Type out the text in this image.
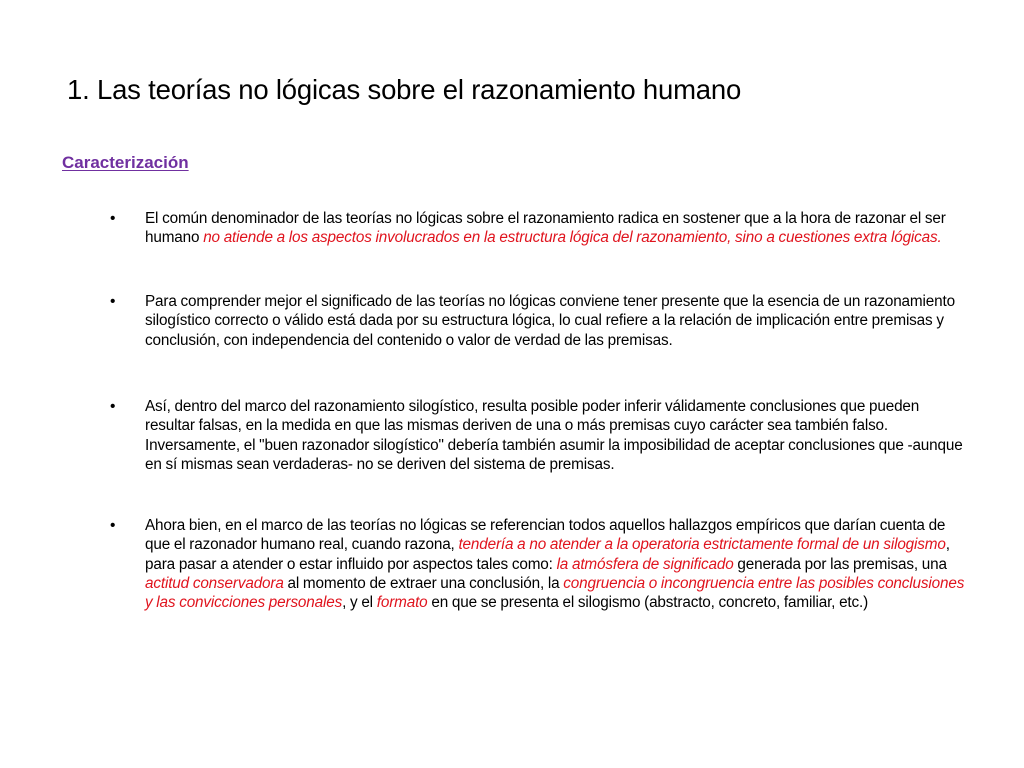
1. Las teorías no lógicas sobre el razonamiento humano
Caracterización
• El común denominador de las teorías no lógicas sobre el razonamiento radica en sostener que a la hora de razonar el ser humano no atiende a los aspectos involucrados en la estructura lógica del razonamiento, sino a cuestiones extra lógicas.

• Para comprender mejor el significado de las teorías no lógicas conviene tener presente que la esencia de un razonamiento silogístico correcto o válido está dada por su estructura lógica, lo cual refiere a la relación de implicación entre premisas y conclusión, con independencia del contenido o valor de verdad de las premisas.

• Así, dentro del marco del razonamiento silogístico, resulta posible poder inferir válidamente conclusiones que pueden resultar falsas, en la medida en que las mismas deriven de una o más premisas cuyo carácter sea también falso. Inversamente, el "buen razonador silogístico" debería también asumir la imposibilidad de aceptar conclusiones que -aunque en sí mismas sean verdaderas- no se deriven del sistema de premisas.

• Ahora bien, en el marco de las teorías no lógicas se referencian todos aquellos hallazgos empíricos que darían cuenta de que el razonador humano real, cuando razona, tendería a no atender a la operatoria estrictamente formal de un silogismo, para pasar a atender o estar influido por aspectos tales como: la atmósfera de significado generada por las premisas, una actitud conservadora al momento de extraer una conclusión, la congruencia o incongruencia entre las posibles conclusiones y las convicciones personales, y el formato en que se presenta el silogismo (abstracto, concreto, familiar, etc.)
